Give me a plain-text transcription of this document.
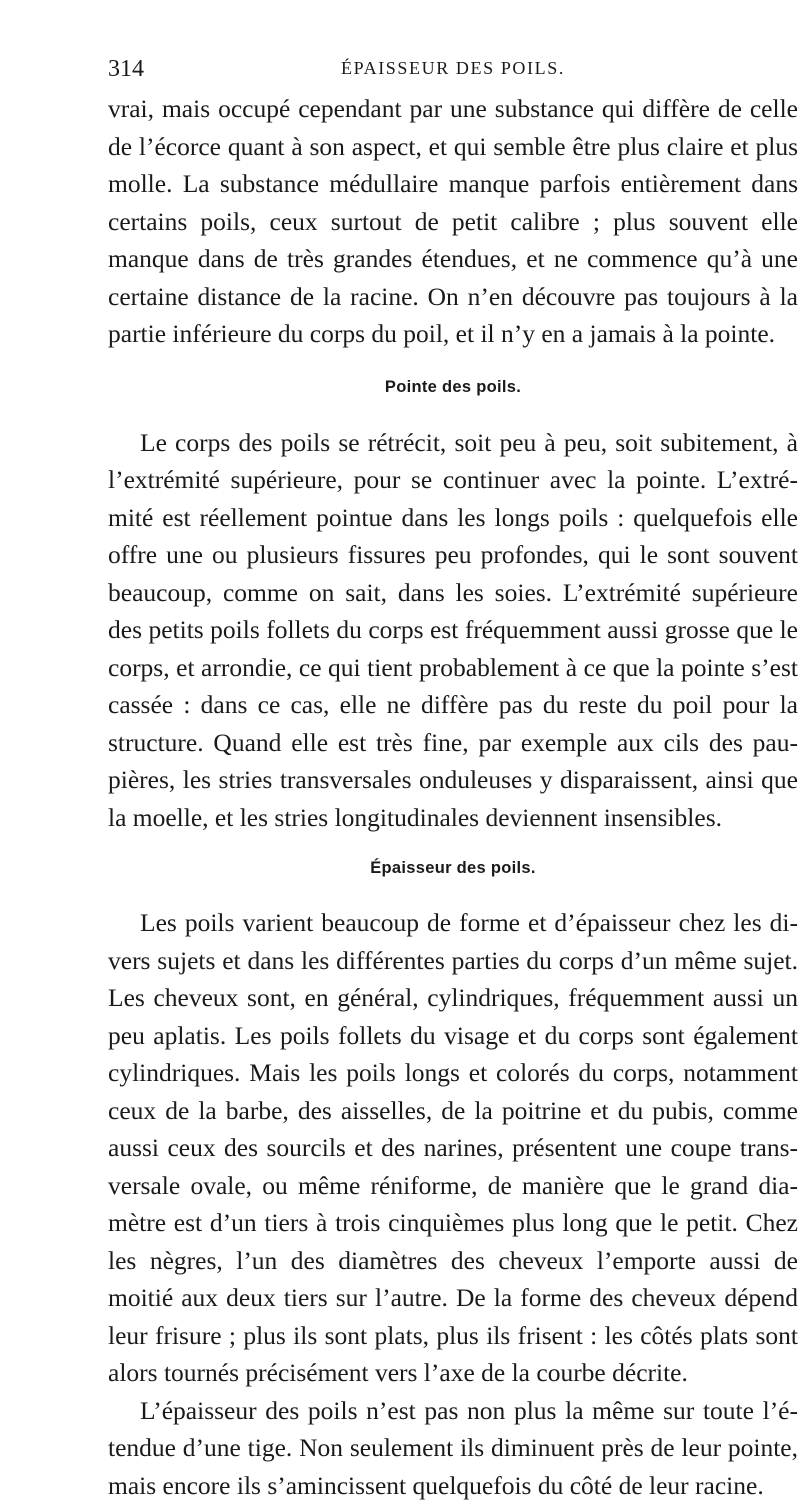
314	ÉPAISSEUR DES POILS.

vrai, mais occupé cependant par une substance qui diffère de celle de l’écorce quant à son aspect, et qui semble être plus claire et plus molle. La substance médullaire manque parfois entièrement dans certains poils, ceux surtout de petit calibre ; plus souvent elle manque dans de très grandes étendues, et ne commence qu’à une certaine distance de la racine. On n’en découvre pas toujours à la partie inférieure du corps du poil, et il n’y en a jamais à la pointe.

Pointe des poils.

Le corps des poils se rétrécit, soit peu à peu, soit subitement, à l’extrémité supérieure, pour se continuer avec la pointe. L’extrémité est réellement pointue dans les longs poils : quelquefois elle offre une ou plusieurs fissures peu profondes, qui le sont souvent beaucoup, comme on sait, dans les soies. L’extrémité supérieure des petits poils follets du corps est fréquemment aussi grosse que le corps, et arrondie, ce qui tient probablement à ce que la pointe s’est cassée : dans ce cas, elle ne diffère pas du reste du poil pour la structure. Quand elle est très fine, par exemple aux cils des paupières, les stries transversales onduleuses y disparaissent, ainsi que la moelle, et les stries longitudinales deviennent insensibles.

Épaisseur des poils.

Les poils varient beaucoup de forme et d’épaisseur chez les divers sujets et dans les différentes parties du corps d’un même sujet. Les cheveux sont, en général, cylindriques, fréquemment aussi un peu aplatis. Les poils follets du visage et du corps sont également cylindriques. Mais les poils longs et colorés du corps, notamment ceux de la barbe, des aisselles, de la poitrine et du pubis, comme aussi ceux des sourcils et des narines, présentent une coupe transversale ovale, ou même réniforme, de manière que le grand diamètre est d’un tiers à trois cinquièmes plus long que le petit. Chez les nègres, l’un des diamètres des cheveux l’emporte aussi de moitié aux deux tiers sur l’autre. De la forme des cheveux dépend leur frisure ; plus ils sont plats, plus ils frisent : les côtés plats sont alors tournés précisément vers l’axe de la courbe décrite.

L’épaisseur des poils n’est pas non plus la même sur toute l’étendue d’une tige. Non seulement ils diminuent près de leur pointe, mais encore ils s’amincissent quelquefois du côté de leur racine.
